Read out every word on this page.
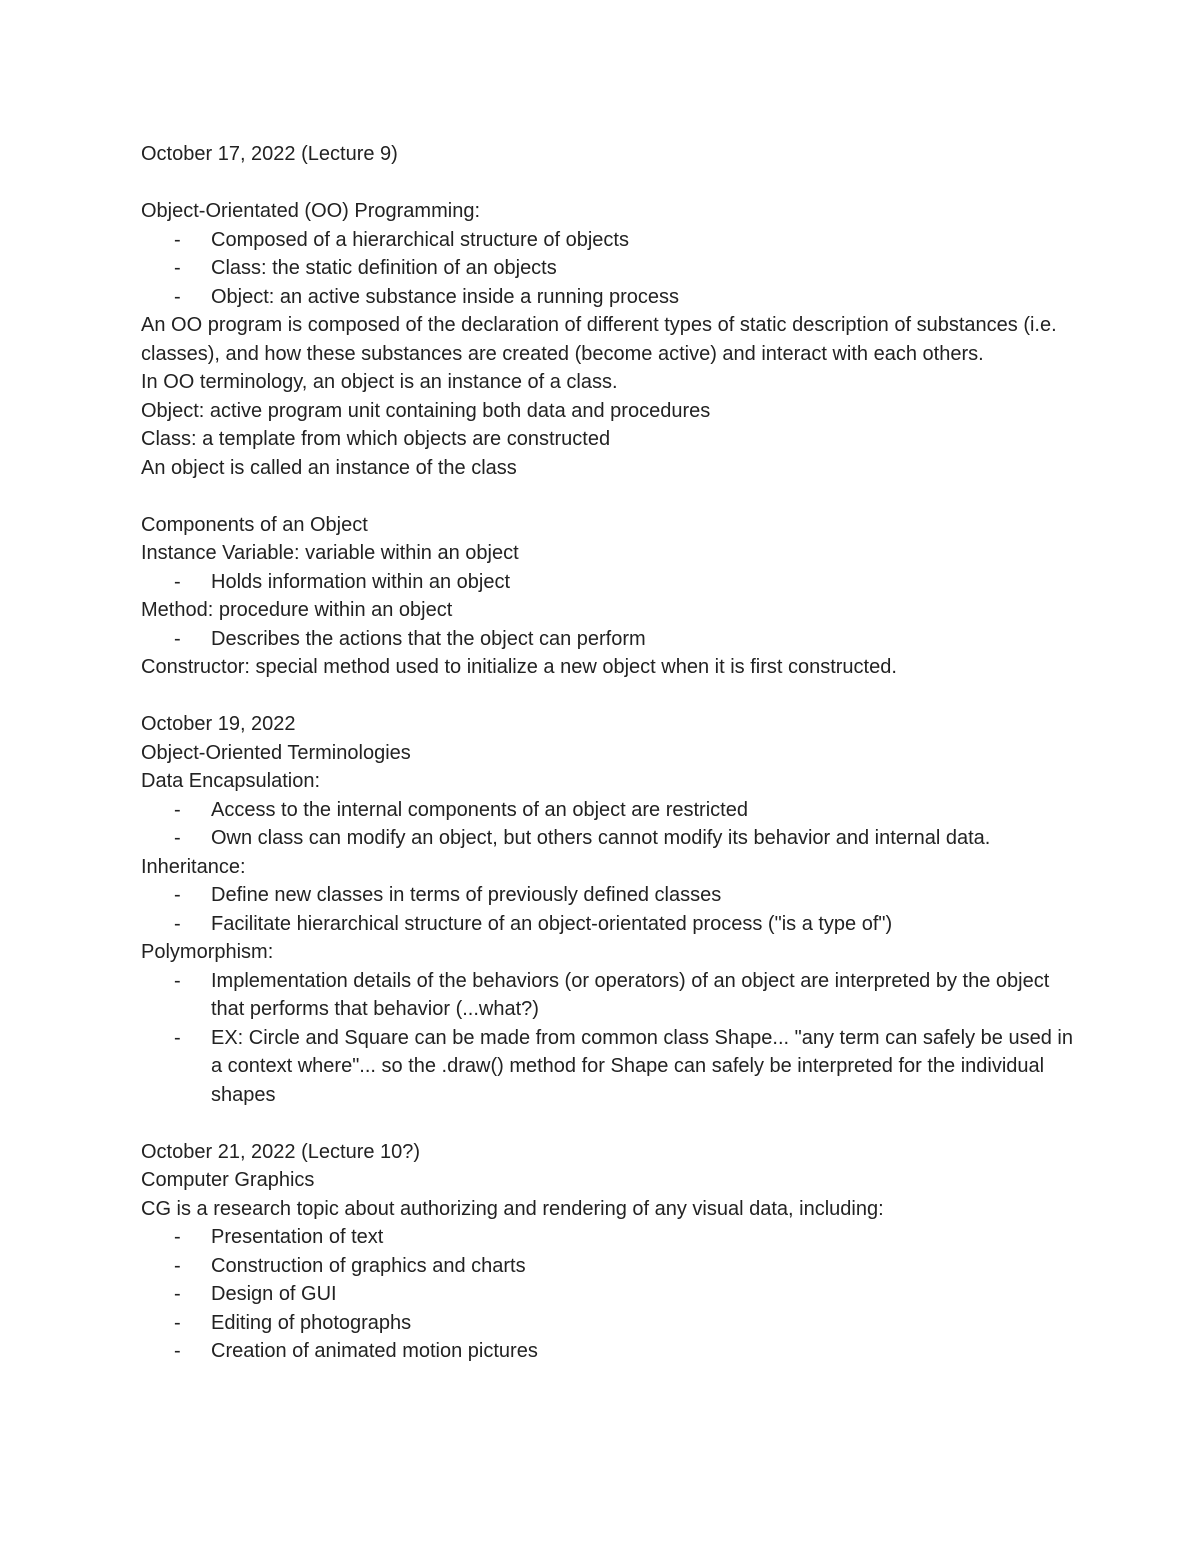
October 17, 2022 (Lecture 9)
Object-Orientated (OO) Programming:
- Composed of a hierarchical structure of objects
- Class: the static definition of an objects
- Object: an active substance inside a running process
An OO program is composed of the declaration of different types of static description of substances (i.e. classes), and how these substances are created (become active) and interact with each others.
In OO terminology, an object is an instance of a class.
Object: active program unit containing both data and procedures
Class: a template from which objects are constructed
An object is called an instance of the class
Components of an Object
Instance Variable: variable within an object
- Holds information within an object
Method: procedure within an object
- Describes the actions that the object can perform
Constructor: special method used to initialize a new object when it is first constructed.
October 19, 2022
Object-Oriented Terminologies
Data Encapsulation:
- Access to the internal components of an object are restricted
- Own class can modify an object, but others cannot modify its behavior and internal data.
Inheritance:
- Define new classes in terms of previously defined classes
- Facilitate hierarchical structure of an object-orientated process ("is a type of")
Polymorphism:
- Implementation details of the behaviors (or operators) of an object are interpreted by the object that performs that behavior (...what?)
- EX: Circle and Square can be made from common class Shape... "any term can safely be used in a context where"... so the .draw() method for Shape can safely be interpreted for the individual shapes
October 21, 2022 (Lecture 10?)
Computer Graphics
CG is a research topic about authorizing and rendering of any visual data, including:
- Presentation of text
- Construction of graphics and charts
- Design of GUI
- Editing of photographs
- Creation of animated motion pictures
